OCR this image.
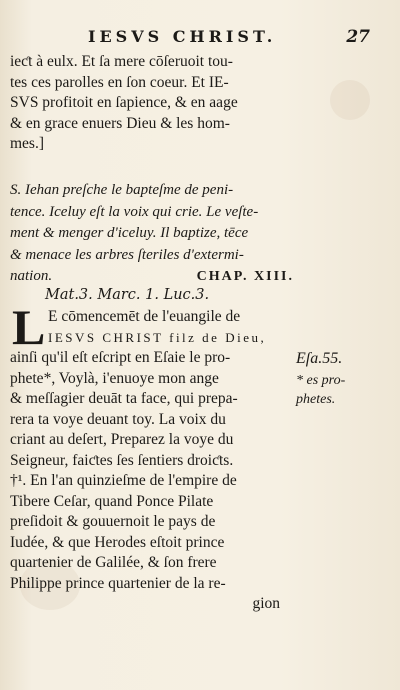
IESVS CHRIST.	27
ieƈt à eulx. Et ſa mere cōſeruoit tou-
tes ces parolles en ſon coeur. Et IE-
SVS profitoit en ſapience, & en aage
& en grace enuers Dieu & les hom-
mes.]
S. Iehan preſche le bapteſme de peni-
tence. Iceluy eſt la voix qui crie. Le veſte-
ment & menger d'iceluy. Il baptize, tēce
& menace les arbres ſteriles d'extermi-
nation.	CHAP. XIII.
Mat.3. Marc. 1. Luc.3.
L E cōmencemēt de l'euangile de
IESVS CHRIST filz de Dieu,
ainſi qu'il eſt eſcript en Eſaie le pro-
phete*, Voylà, i'enuoye mon ange
& meſſagier deuāt ta face, qui prepa-
rera ta voye deuant toy. La voix du
criant au deſert, Preparez la voye du
Seigneur, faiƈtes ſes ſentiers droiƈts.
†¹. En l'an quinzieſme de l'empire de
Tibere Ceſar, quand Ponce Pilate
preſidoit & gouuernoit le pays de
Iudée, & que Herodes eſtoit prince
quartenier de Galilée, & ſon frere
Philippe prince quartenier de la re-
gion
Eſa.55.
* es pro-
phetes.
